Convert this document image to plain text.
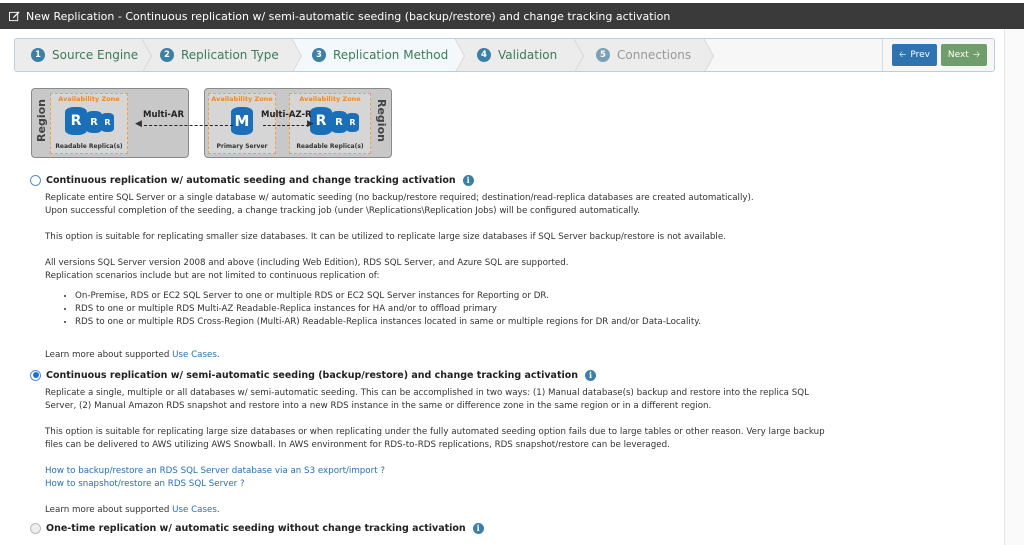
New Replication - Continuous replication w/ semi-automatic seeding (backup/restore) and change tracking activation
1 Source Engine	2 Replication Type	3 Replication Method	4 Validation	5 Connections	🡠 Prev Next 🡢
Region	Availability Zone
R R R
Readable Replica(s)
Region
Availability Zone
M
Primary Server
Availability Zone
R R R
Readable Replica(s)
Multi-AR
◀
Multi-AZ-R
▶
Continuous replication w/ automatic seeding and change tracking activation	i

Replicate entire SQL Server or a single database w/ automatic seeding (no backup/restore required; destination/read-replica databases are created automatically).

Upon successful completion of the seeding, a change tracking job (under \Replications\Replication Jobs) will be configured automatically.

This option is suitable for replicating smaller size databases. It can be utilized to replicate large size databases if SQL Server backup/restore is not available.

All versions SQL Server version 2008 and above (including Web Edition), RDS SQL Server, and Azure SQL are supported.

Replication scenarios include but are not limited to continuous replication of:

• On-Premise, RDS or EC2 SQL Server to one or multiple RDS or EC2 SQL Server instances for Reporting or DR.
• RDS to one or multiple RDS Multi-AZ Readable-Replica instances for HA and/or to offload primary
• RDS to one or multiple RDS Cross-Region (Multi-AR) Readable-Replica instances located in same or multiple regions for DR and/or Data-Locality.

Learn more about supported Use Cases.

Continuous replication w/ semi-automatic seeding (backup/restore) and change tracking activation	i

Replicate a single, multiple or all databases w/ semi-automatic seeding. This can be accomplished in two ways: (1) Manual database(s) backup and restore into the replica SQL

Server, (2) Manual Amazon RDS snapshot and restore into a new RDS instance in the same or difference zone in the same region or in a different region.

This option is suitable for replicating large size databases or when replicating under the fully automated seeding option fails due to large tables or other reason. Very large backup

files can be delivered to AWS utilizing AWS Snowball. In AWS environment for RDS-to-RDS replications, RDS snapshot/restore can be leveraged.

How to backup/restore an RDS SQL Server database via an S3 export/import ?

How to snapshot/restore an RDS SQL Server ?

Learn more about supported Use Cases.

One-time replication w/ automatic seeding without change tracking activation	i
